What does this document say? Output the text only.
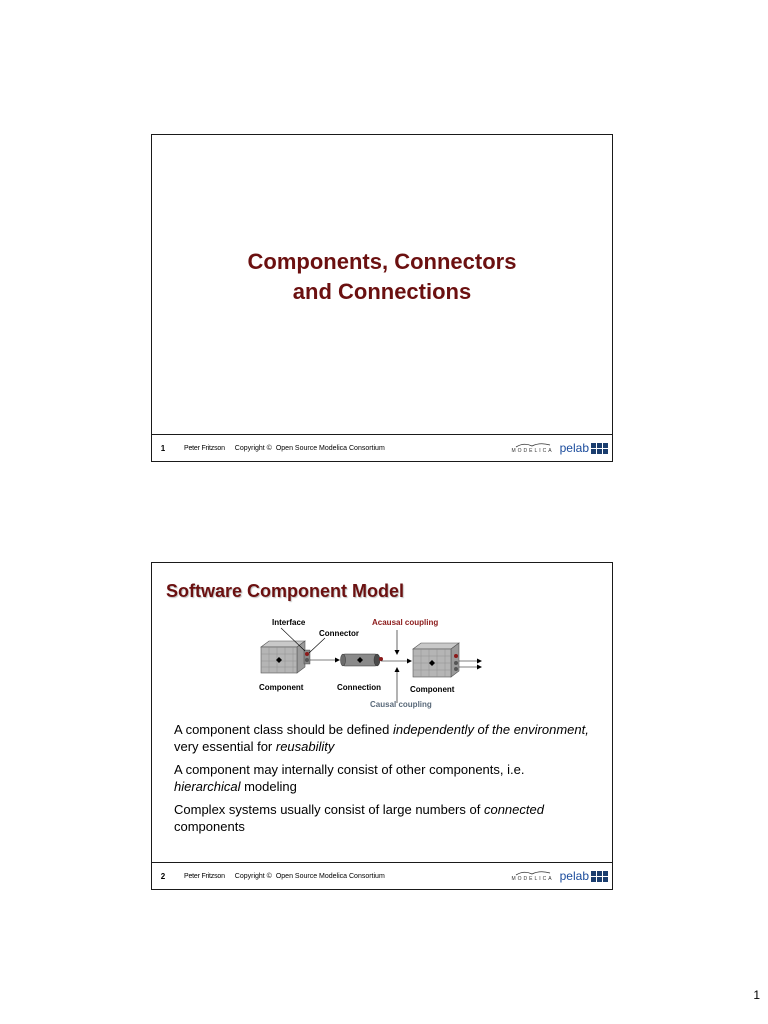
Components, Connectors
and Connections
1	Peter Fritzson Copyright © Open Source Modelica Consortium	MODELICA pelab
Software Component Model
Interface
Connector
Acausal coupling
Component	Connection	Component
Causal coupling

A component class should be defined independently of the environment, very essential for reusability

A component may internally consist of other components, i.e. hierarchical modeling

Complex systems usually consist of large numbers of connected components

2	Peter Fritzson Copyright © Open Source Modelica Consortium	MODELICA pelab
1
